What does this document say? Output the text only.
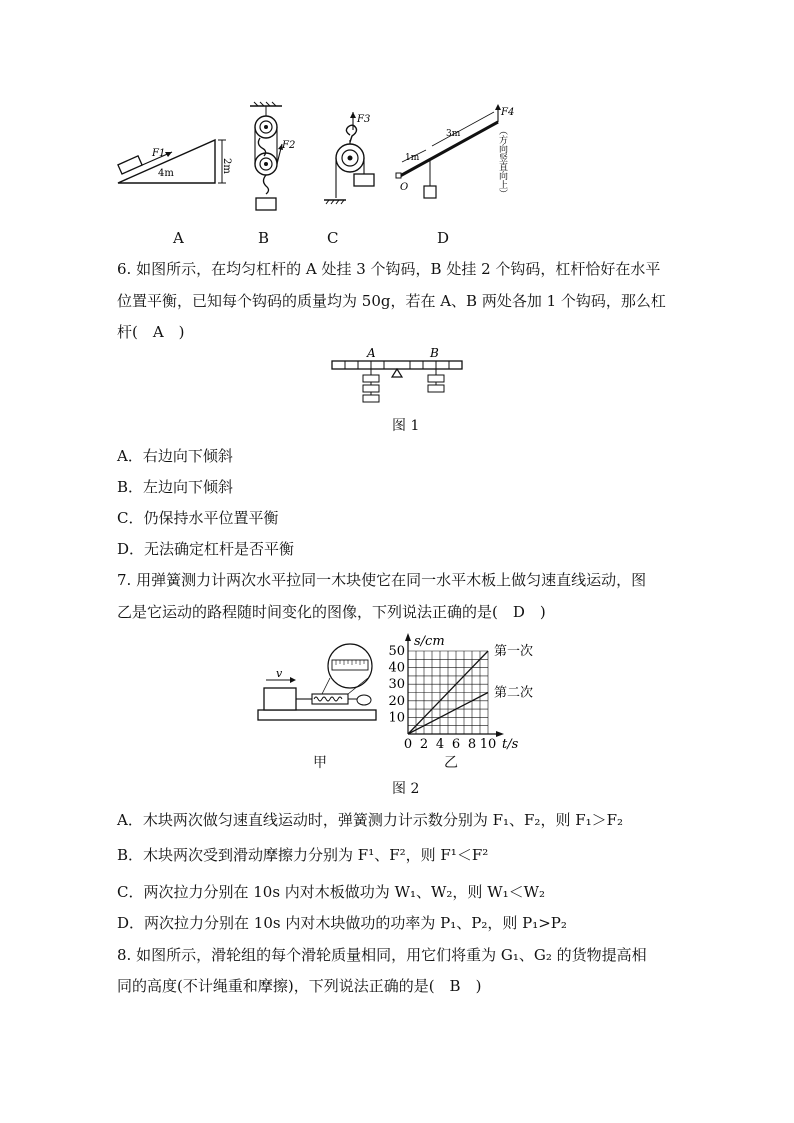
F1
4m	2m
F2
F3
O
1m
3m
F4
（方向竖直向上）
A	B	C	D
6. 如图所示，在均匀杠杆的 A 处挂 3 个钩码，B 处挂 2 个钩码，杠杆恰好在水平
位置平衡，已知每个钩码的质量均为 50g，若在 A、B 两处各加 1 个钩码，那么杠
杆(　A　)
A	B
图 1
A．右边向下倾斜
B．左边向下倾斜
C．仍保持水平位置平衡
D．无法确定杠杆是否平衡
7. 用弹簧测力计两次水平拉同一木块使它在同一水平木板上做匀速直线运动，图
乙是它运动的路程随时间变化的图像，下列说法正确的是(　D　)
v
甲
s/cm
t/s
0 2 4 6 8 10
10
20
30
40
50	第一次
第二次
乙
图 2
A．木块两次做匀速直线运动时，弹簧测力计示数分别为 F₁、F₂，则 F₁＞F₂
B．木块两次受到滑动摩擦力分别为 F¹、F²，则 F¹＜F²
C．两次拉力分别在 10s 内对木板做功为 W₁、W₂，则 W₁＜W₂
D．两次拉力分别在 10s 内对木块做功的功率为 P₁、P₂，则 P₁>P₂
8. 如图所示，滑轮组的每个滑轮质量相同，用它们将重为 G₁、G₂ 的货物提高相
同的高度(不计绳重和摩擦)，下列说法正确的是(　B　)
